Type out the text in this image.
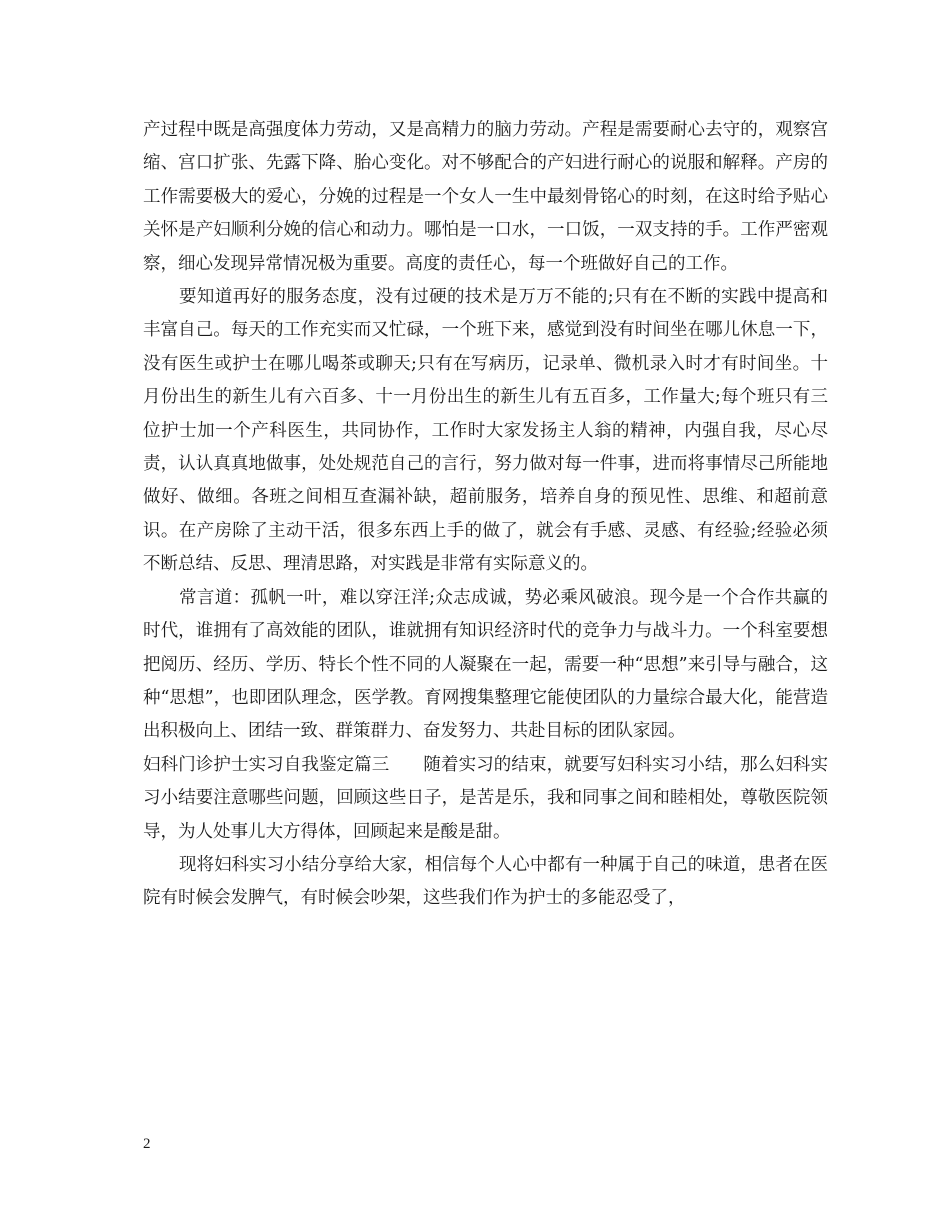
产过程中既是高强度体力劳动，又是高精力的脑力劳动。产程是需要耐心去守的，观察宫缩、宫口扩张、先露下降、胎心变化。对不够配合的产妇进行耐心的说服和解释。产房的工作需要极大的爱心，分娩的过程是一个女人一生中最刻骨铭心的时刻，在这时给予贴心关怀是产妇顺利分娩的信心和动力。哪怕是一口水，一口饭，一双支持的手。工作严密观察，细心发现异常情况极为重要。高度的责任心，每一个班做好自己的工作。

要知道再好的服务态度，没有过硬的技术是万万不能的;只有在不断的实践中提高和丰富自己。每天的工作充实而又忙碌，一个班下来，感觉到没有时间坐在哪儿休息一下，没有医生或护士在哪儿喝茶或聊天;只有在写病历，记录单、微机录入时才有时间坐。十月份出生的新生儿有六百多、十一月份出生的新生儿有五百多，工作量大;每个班只有三位护士加一个产科医生，共同协作，工作时大家发扬主人翁的精神，内强自我，尽心尽责，认认真真地做事，处处规范自己的言行，努力做对每一件事，进而将事情尽己所能地做好、做细。各班之间相互查漏补缺，超前服务，培养自身的预见性、思维、和超前意识。在产房除了主动干活，很多东西上手的做了，就会有手感、灵感、有经验;经验必须不断总结、反思、理清思路，对实践是非常有实际意义的。

常言道：孤帆一叶，难以穿汪洋;众志成诚，势必乘风破浪。现今是一个合作共赢的时代，谁拥有了高效能的团队，谁就拥有知识经济时代的竞争力与战斗力。一个科室要想把阅历、经历、学历、特长个性不同的人凝聚在一起，需要一种“思想”来引导与融合，这种“思想”，也即团队理念，医学教。育网搜集整理它能使团队的力量综合最大化，能营造出积极向上、团结一致、群策群力、奋发努力、共赴目标的团队家园。

妇科门诊护士实习自我鉴定篇三 随着实习的结束，就要写妇科实习小结，那么妇科实习小结要注意哪些问题，回顾这些日子，是苦是乐，我和同事之间和睦相处，尊敬医院领导，为人处事儿大方得体，回顾起来是酸是甜。

现将妇科实习小结分享给大家，相信每个人心中都有一种属于自己的味道，患者在医院有时候会发脾气，有时候会吵架，这些我们作为护士的多能忍受了，

2
